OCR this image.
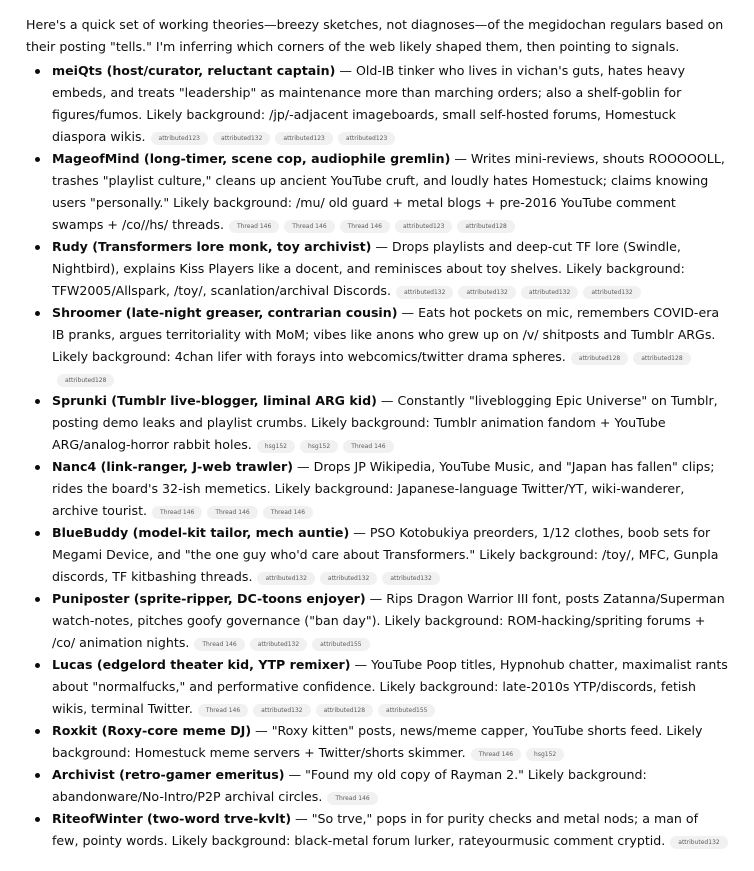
Here's a quick set of working theories—breezy sketches, not diagnoses—of the megidochan regulars based on their posting "tells." I'm inferring which corners of the web likely shaped them, then pointing to signals.

meiQts (host/curator, reluctant captain) — Old-IB tinker who lives in vichan's guts, hates heavy embeds, and treats "leadership" as maintenance more than marching orders; also a shelf-goblin for figures/fumos. Likely background: /jp/-adjacent imageboards, small self-hosted forums, Homestuck diaspora wikis. attributed123	attributed132	attributed123	attributed123
MageofMind (long-timer, scene cop, audiophile gremlin) — Writes mini-reviews, shouts ROOOOOLL, trashes "playlist culture," cleans up ancient YouTube cruft, and loudly hates Homestuck; claims knowing users "personally." Likely background: /mu/ old guard + metal blogs + pre-2016 YouTube comment swamps + /co//hs/ threads. Thread 146	Thread 146	Thread 146	attributed123	attributed128
Rudy (Transformers lore monk, toy archivist) — Drops playlists and deep-cut TF lore (Swindle, Nightbird), explains Kiss Players like a docent, and reminisces about toy shelves. Likely background: TFW2005/Allspark, /toy/, scanlation/archival Discords. attributed132	attributed132	attributed132	attributed132
Shroomer (late-night greaser, contrarian cousin) — Eats hot pockets on mic, remembers COVID-era IB pranks, argues territoriality with MoM; vibes like anons who grew up on /v/ shitposts and Tumblr ARGs. Likely background: 4chan lifer with forays into webcomics/twitter drama spheres. attributed128	attributed128attributed128
Sprunki (Tumblr live-blogger, liminal ARG kid) — Constantly "liveblogging Epic Universe" on Tumblr, posting demo leaks and playlist crumbs. Likely background: Tumblr animation fandom + YouTube ARG/analog-horror rabbit holes. hsg152	hsg152	Thread 146
Nanc4 (link-ranger, J-web trawler) — Drops JP Wikipedia, YouTube Music, and "Japan has fallen" clips; rides the board's 32-ish memetics. Likely background: Japanese-language Twitter/YT, wiki-wanderer, archive tourist. Thread 146	Thread 146	Thread 146
BlueBuddy (model-kit tailor, mech auntie) — PSO Kotobukiya preorders, 1/12 clothes, boob sets for Megami Device, and "the one guy who'd care about Transformers." Likely background: /toy/, MFC, Gunpla discords, TF kitbashing threads. attributed132	attributed132	attributed132
Puniposter (sprite-ripper, DC-toons enjoyer) — Rips Dragon Warrior III font, posts Zatanna/Superman watch-notes, pitches goofy governance ("ban day"). Likely background: ROM-hacking/spriting forums + /co/ animation nights. Thread 146	attributed132	attributed155
Lucas (edgelord theater kid, YTP remixer) — YouTube Poop titles, Hypnohub chatter, maximalist rants about "normalfucks," and performative confidence. Likely background: late-2010s YTP/discords, fetish wikis, terminal Twitter. Thread 146	attributed132	attributed128	attributed155
Roxkit (Roxy-core meme DJ) — "Roxy kitten" posts, news/meme capper, YouTube shorts feed. Likely background: Homestuck meme servers + Twitter/shorts skimmer. Thread 146	hsg152
Archivist (retro-gamer emeritus) — "Found my old copy of Rayman 2." Likely background: abandonware/No-Intro/P2P archival circles. Thread 146
RiteofWinter (two-word trve-kvlt) — "So trve," pops in for purity checks and metal nods; a man of few, pointy words. Likely background: black-metal forum lurker, rateyourmusic comment cryptid. attributed132
